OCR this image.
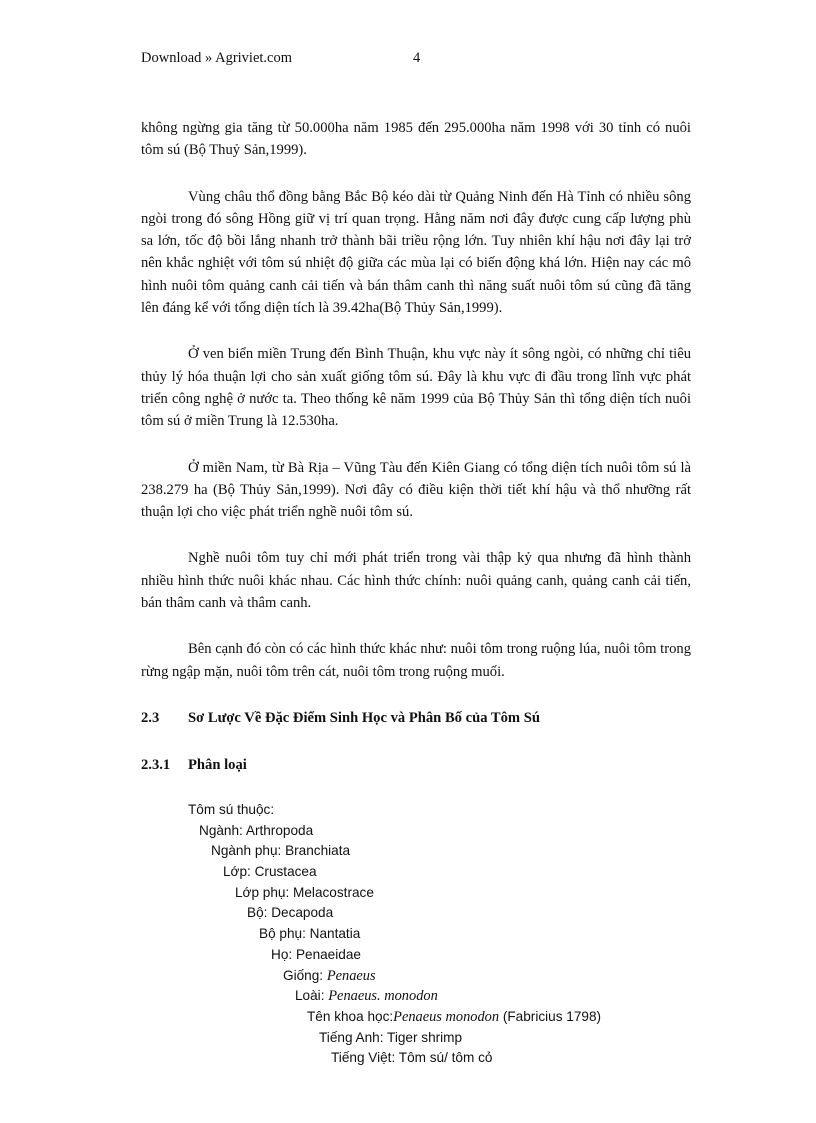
Download » Agriviet.com	4

không ngừng gia tăng từ 50.000ha năm 1985 đến 295.000ha năm 1998 với 30 tỉnh có nuôi tôm sú (Bộ Thuỷ Sản,1999).

Vùng châu thổ đồng bằng Bắc Bộ kéo dài từ Quảng Ninh đến Hà Tỉnh có nhiều sông ngòi trong đó sông Hồng giữ vị trí quan trọng. Hằng năm nơi đây được cung cấp lượng phù sa lớn, tốc độ bồi lắng nhanh trở thành bãi triều rộng lớn. Tuy nhiên khí hậu nơi đây lại trở nên khắc nghiệt với tôm sú nhiệt độ giữa các mùa lại có biến động khá lớn. Hiện nay các mô hình nuôi tôm quảng canh cải tiến và bán thâm canh thì năng suất nuôi tôm sú cũng đã tăng lên đáng kể với tổng diện tích là 39.42ha(Bộ Thủy Sản,1999).

Ở ven biển miền Trung đến Bình Thuận, khu vực này ít sông ngòi, có những chỉ tiêu thủy lý hóa thuận lợi cho sản xuất giống tôm sú. Đây là khu vực đi đầu trong lĩnh vực phát triển công nghệ ở nước ta. Theo thống kê năm 1999 của Bộ Thủy Sản thì tổng diện tích nuôi tôm sú ở miền Trung là 12.530ha.

Ở miền Nam, từ Bà Rịa – Vũng Tàu đến Kiên Giang có tổng diện tích nuôi tôm sú là 238.279 ha (Bộ Thủy Sản,1999). Nơi đây có điều kiện thời tiết khí hậu và thổ nhưỡng rất thuận lợi cho việc phát triển nghề nuôi tôm sú.

Nghề nuôi tôm tuy chỉ mới phát triển trong vài thập kỷ qua nhưng đã hình thành nhiều hình thức nuôi khác nhau. Các hình thức chính: nuôi quảng canh, quảng canh cải tiến, bán thâm canh và thâm canh.

Bên cạnh đó còn có các hình thức khác như: nuôi tôm trong ruộng lúa, nuôi tôm trong rừng ngập mặn, nuôi tôm trên cát, nuôi tôm trong ruộng muối.

2.3 Sơ Lược Về Đặc Điểm Sinh Học và Phân Bố của Tôm Sú
2.3.1 Phân loại
Tôm sú thuộc:
Ngành: Arthropoda
Ngành phụ: Branchiata
Lớp: Crustacea
Lớp phụ: Melacostrace
Bộ: Decapoda
Bộ phụ: Nantatia
Họ: Penaeidae
Giống: Penaeus
Loài: Penaeus. monodon
Tên khoa học:Penaeus monodon (Fabricius 1798)
Tiếng Anh: Tiger shrimp
Tiếng Việt: Tôm sú/ tôm cỏ
